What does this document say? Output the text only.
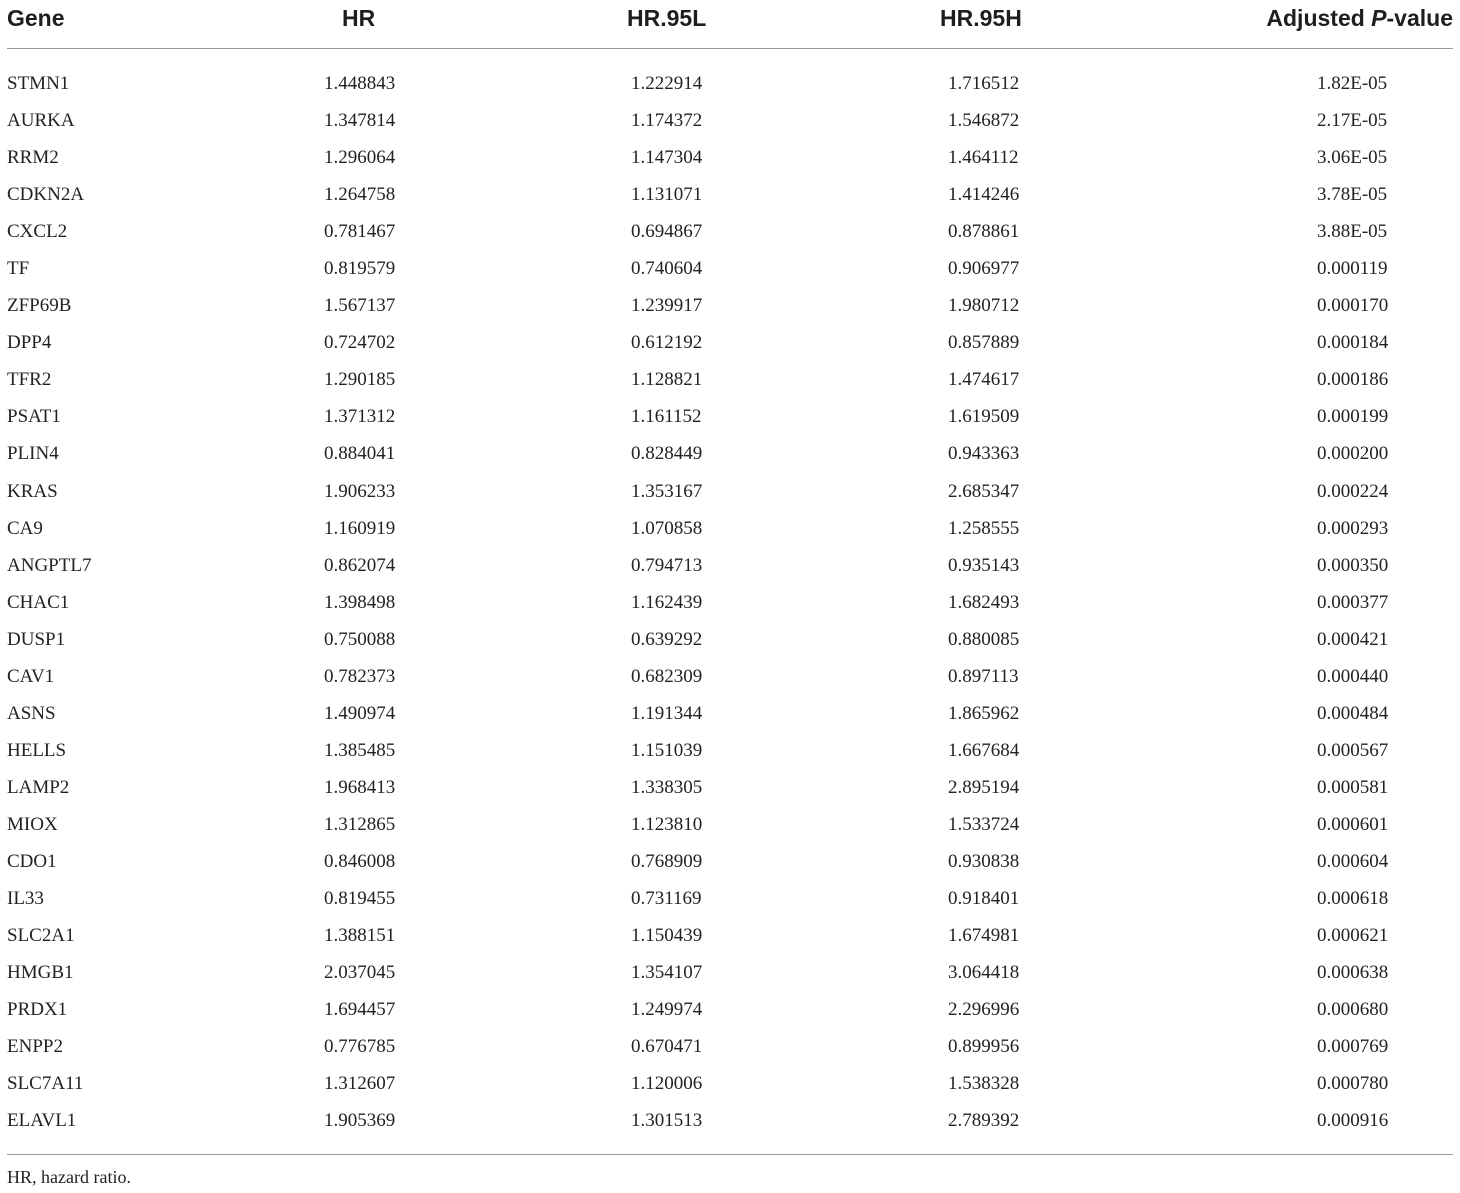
Gene	HR	HR.95L	HR.95H	Adjusted P-value
STMN1	1.448843	1.222914	1.716512	1.82E-05
AURKA	1.347814	1.174372	1.546872	2.17E-05
RRM2	1.296064	1.147304	1.464112	3.06E-05
CDKN2A	1.264758	1.131071	1.414246	3.78E-05
CXCL2	0.781467	0.694867	0.878861	3.88E-05
TF	0.819579	0.740604	0.906977	0.000119
ZFP69B	1.567137	1.239917	1.980712	0.000170
DPP4	0.724702	0.612192	0.857889	0.000184
TFR2	1.290185	1.128821	1.474617	0.000186
PSAT1	1.371312	1.161152	1.619509	0.000199
PLIN4	0.884041	0.828449	0.943363	0.000200
KRAS	1.906233	1.353167	2.685347	0.000224
CA9	1.160919	1.070858	1.258555	0.000293
ANGPTL7	0.862074	0.794713	0.935143	0.000350
CHAC1	1.398498	1.162439	1.682493	0.000377
DUSP1	0.750088	0.639292	0.880085	0.000421
CAV1	0.782373	0.682309	0.897113	0.000440
ASNS	1.490974	1.191344	1.865962	0.000484
HELLS	1.385485	1.151039	1.667684	0.000567
LAMP2	1.968413	1.338305	2.895194	0.000581
MIOX	1.312865	1.123810	1.533724	0.000601
CDO1	0.846008	0.768909	0.930838	0.000604
IL33	0.819455	0.731169	0.918401	0.000618
SLC2A1	1.388151	1.150439	1.674981	0.000621
HMGB1	2.037045	1.354107	3.064418	0.000638
PRDX1	1.694457	1.249974	2.296996	0.000680
ENPP2	0.776785	0.670471	0.899956	0.000769
SLC7A11	1.312607	1.120006	1.538328	0.000780
ELAVL1	1.905369	1.301513	2.789392	0.000916
HR, hazard ratio.
